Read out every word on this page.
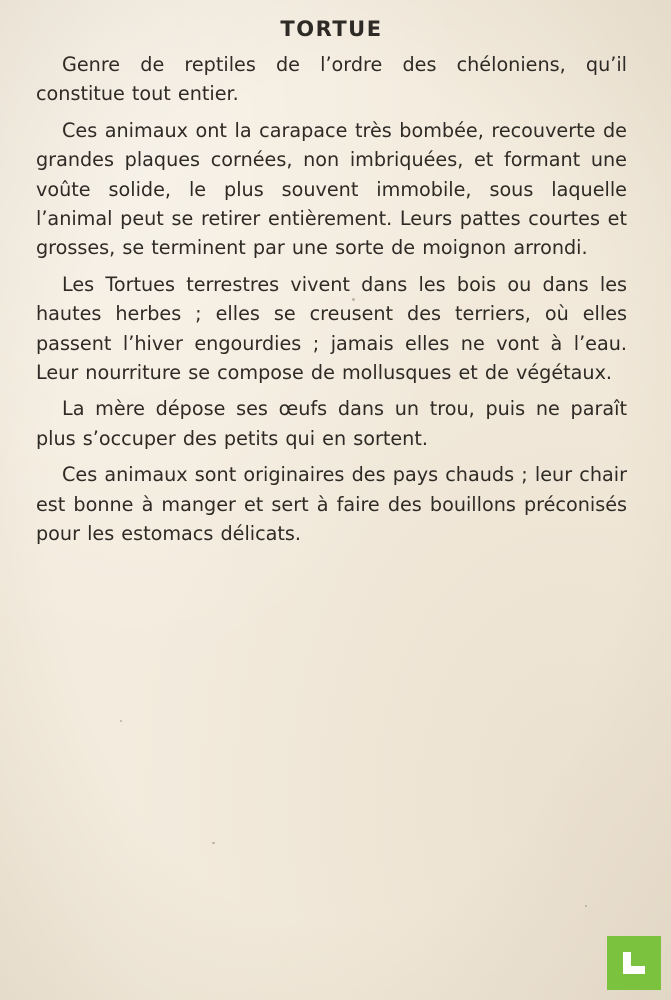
TORTUE

Genre de reptiles de l’ordre des chéloniens, qu’il constitue tout entier.

Ces animaux ont la carapace très bombée, recouverte de grandes plaques cornées, non imbriquées, et formant une voûte solide, le plus souvent immobile, sous laquelle l’animal peut se retirer entièrement. Leurs pattes courtes et grosses, se terminent par une sorte de moignon arrondi.

Les Tortues terrestres vivent dans les bois ou dans les hautes herbes ; elles se creusent des terriers, où elles passent l’hiver engourdies ; jamais elles ne vont à l’eau. Leur nourriture se compose de mollusques et de végétaux.

La mère dépose ses œufs dans un trou, puis ne paraît plus s’occuper des petits qui en sortent.

Ces animaux sont originaires des pays chauds ; leur chair est bonne à manger et sert à faire des bouillons préconisés pour les estomacs délicats.
